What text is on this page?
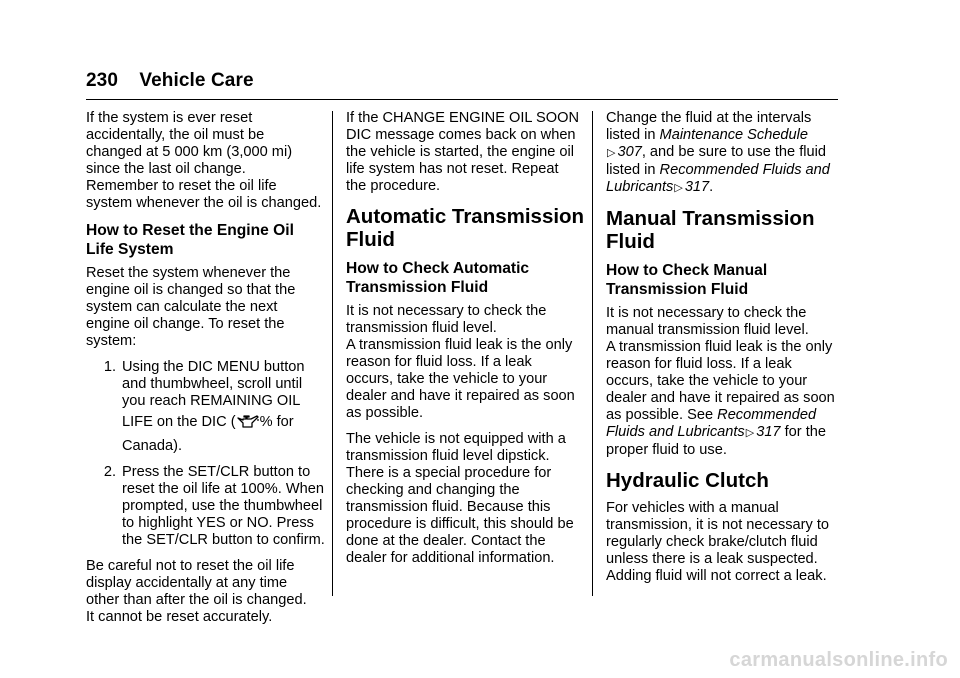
230 Vehicle Care

If the system is ever reset
accidentally, the oil must be
changed at 5 000 km (3,000 mi)
since the last oil change.
Remember to reset the oil life
system whenever the oil is changed.

How to Reset the Engine Oil
Life System

Reset the system whenever the
engine oil is changed so that the
system can calculate the next
engine oil change. To reset the
system:

1. Using the DIC MENU button
and thumbwheel, scroll until
you reach REMAINING OIL
LIFE on the DIC ( % for
Canada).
2. Press the SET/CLR button to
reset the oil life at 100%. When
prompted, use the thumbwheel
to highlight YES or NO. Press
the SET/CLR button to confirm.

Be careful not to reset the oil life
display accidentally at any time
other than after the oil is changed.
It cannot be reset accurately.

If the CHANGE ENGINE OIL SOON
DIC message comes back on when
the vehicle is started, the engine oil
life system has not reset. Repeat
the procedure.

Automatic Transmission
Fluid
How to Check Automatic
Transmission Fluid

It is not necessary to check the
transmission fluid level.
A transmission fluid leak is the only
reason for fluid loss. If a leak
occurs, take the vehicle to your
dealer and have it repaired as soon
as possible.

The vehicle is not equipped with a
transmission fluid level dipstick.
There is a special procedure for
checking and changing the
transmission fluid. Because this
procedure is difficult, this should be
done at the dealer. Contact the
dealer for additional information.

Change the fluid at the intervals
listed in Maintenance Schedule
▷ 307, and be sure to use the fluid
listed in Recommended Fluids and
Lubricants▷ 317.

Manual Transmission
Fluid
How to Check Manual
Transmission Fluid

It is not necessary to check the
manual transmission fluid level.
A transmission fluid leak is the only
reason for fluid loss. If a leak
occurs, take the vehicle to your
dealer and have it repaired as soon
as possible. See Recommended
Fluids and Lubricants▷ 317 for the
proper fluid to use.

Hydraulic Clutch

For vehicles with a manual
transmission, it is not necessary to
regularly check brake/clutch fluid
unless there is a leak suspected.
Adding fluid will not correct a leak.

carmanualsonline.info
